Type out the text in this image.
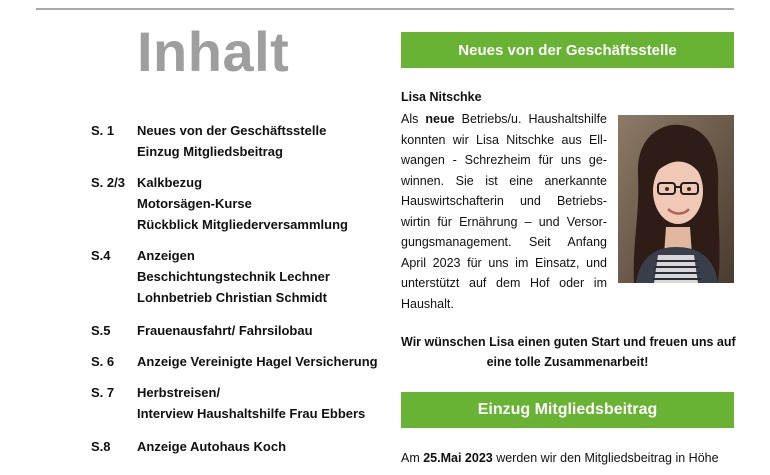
Inhalt
S. 1	Neues von der Geschäftsstelle
Einzug Mitgliedsbeitrag
S. 2/3 Kalkbezug
Motorsägen-Kurse
Rückblick Mitgliederversammlung
S.4	Anzeigen
Beschichtungstechnik Lechner
Lohnbetrieb Christian Schmidt
S.5	Frauenausfahrt/ Fahrsilobau
S. 6	Anzeige Vereinigte Hagel Versicherung
S. 7	Herbstreisen/
Interview Haushaltshilfe Frau Ebbers
S.8	Anzeige Autohaus Koch
Neues von der Geschäftsstelle
Lisa Nitschke
Als neue Betriebs/u. Haushaltshilfe
konnten wir Lisa Nitschke aus Ell-
wangen - Schrezheim für uns ge-
winnen. Sie ist eine anerkannte
Hauswirtschafterin und Betriebs-
wirtin für Ernährung – und Versor-
gungsmanagement. Seit Anfang
April 2023 für uns im Einsatz, und
unterstützt auf dem Hof oder im
Haushalt.
Wir wünschen Lisa einen guten Start und freuen uns auf
eine tolle Zusammenarbeit!
Einzug Mitgliedsbeitrag
Am 25.Mai 2023 werden wir den Mitgliedsbeitrag in Höhe
